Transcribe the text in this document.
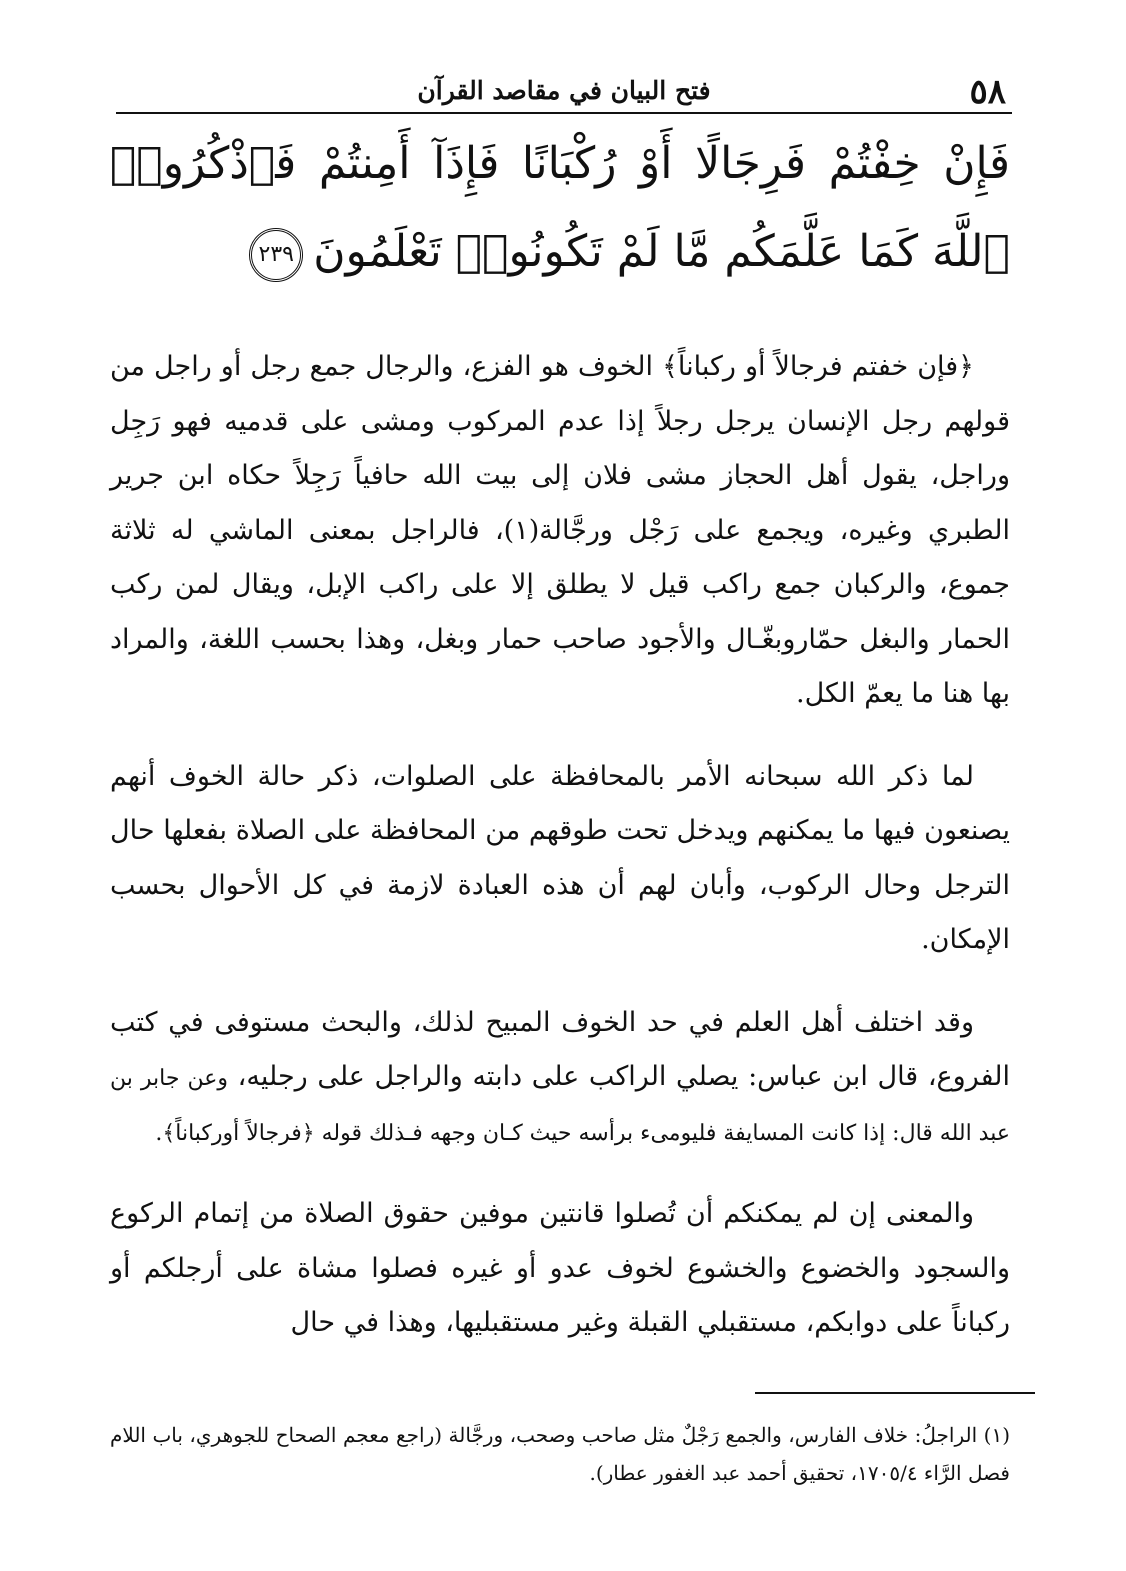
٥٨
فتح البيان في مقاصد القرآن
فَإِنْ خِفْتُمْ فَرِجَالًا أَوْ رُكْبَانًا فَإِذَآ أَمِنتُمْ فَٱذْكُرُوا۟ ٱللَّهَ كَمَا عَلَّمَكُم مَّا لَمْ تَكُونُوا۟ تَعْلَمُونَ٢٣٩

﴿فإن خفتم فرجالاً أو ركباناً﴾ الخوف هو الفزع، والرجال جمع رجل أو راجل من قولهم رجل الإنسان يرجل رجلاً إذا عدم المركوب ومشى على قدميه فهو رَجِل وراجل، يقول أهل الحجاز مشى فلان إلى بيت الله حافياً رَجِلاً حكاه ابن جرير الطبري وغيره، ويجمع على رَجْل ورجَّالة(١)، فالراجل بمعنى الماشي له ثلاثة جموع، والركبان جمع راكب قيل لا يطلق إلا على راكب الإبل، ويقال لمن ركب الحمار والبغل حمّاروبغّـال والأجود صاحب حمار وبغل، وهذا بحسب اللغة، والمراد بها هنا ما يعمّ الكل.

لما ذكر الله سبحانه الأمر بالمحافظة على الصلوات، ذكر حالة الخوف أنهم يصنعون فيها ما يمكنهم ويدخل تحت طوقهم من المحافظة على الصلاة بفعلها حال الترجل وحال الركوب، وأبان لهم أن هذه العبادة لازمة في كل الأحوال بحسب الإمكان.

وقد اختلف أهل العلم في حد الخوف المبيح لذلك، والبحث مستوفى في كتب الفروع، قال ابن عباس: يصلي الراكب على دابته والراجل على رجليه، وعن جابر بن عبد الله قال: إذا كانت المسايفة فليومىء برأسه حيث كـان وجهه فـذلك قوله ﴿فرجالاً أوركباناً﴾.

والمعنى إن لم يمكنكم أن تُصلوا قانتين موفين حقوق الصلاة من إتمام الركوع والسجود والخضوع والخشوع لخوف عدو أو غيره فصلوا مشاة على أرجلكم أو ركباناً على دوابكم، مستقبلي القبلة وغير مستقبليها، وهذا في حال

(١) الراجلُ: خلاف الفارس، والجمع رَجْلٌ مثل صاحب وصحب، ورجَّالة (راجع معجم الصحاح للجوهري، باب اللام فصل الرَّاء ١٧٠٥/٤، تحقيق أحمد عبد الغفور عطار).
